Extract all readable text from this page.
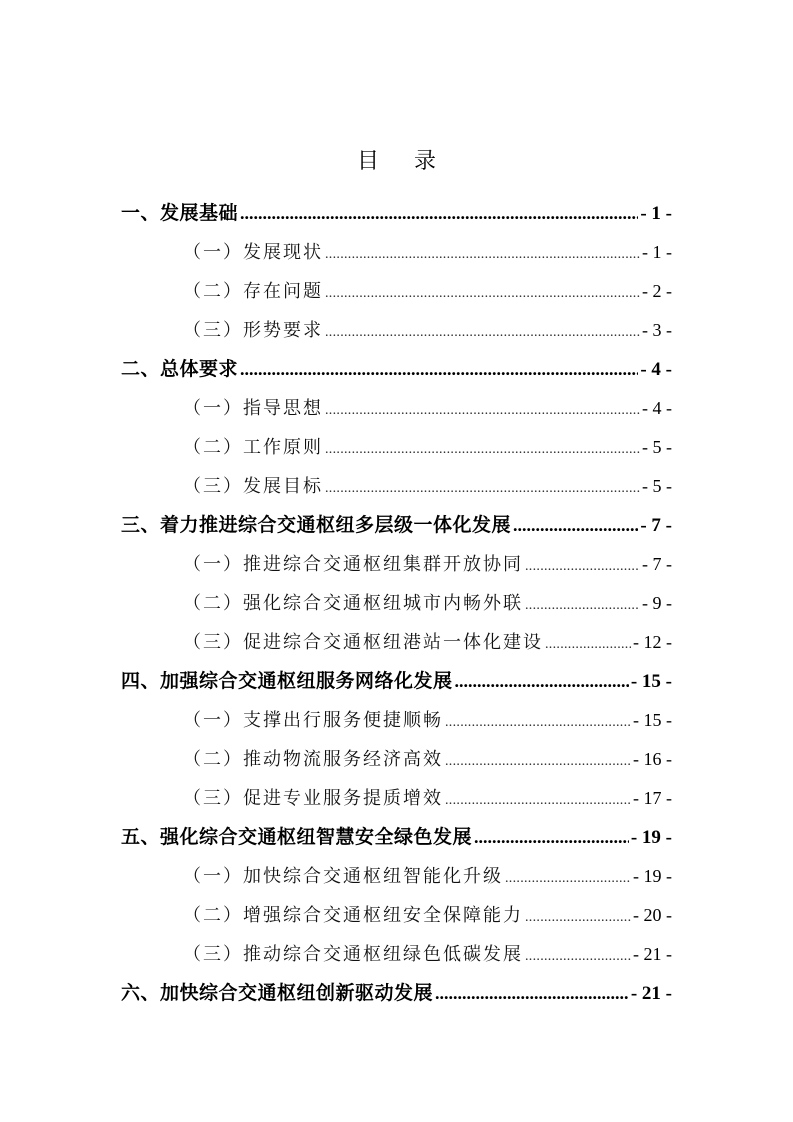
目 录
一、发展基础 .....	- 1 -
（一）发展现状 .....	- 1 -
（二）存在问题 .....	- 2 -
（三）形势要求 .....	- 3 -
二、总体要求 .....	- 4 -
（一）指导思想 .....	- 4 -
（二）工作原则 .....	- 5 -
（三）发展目标 .....	- 5 -
三、着力推进综合交通枢纽多层级一体化发展 .....	- 7 -
（一）推进综合交通枢纽集群开放协同 .....	- 7 -
（二）强化综合交通枢纽城市内畅外联 .....	- 9 -
（三）促进综合交通枢纽港站一体化建设 .....	- 12 -
四、加强综合交通枢纽服务网络化发展 .....	- 15 -
（一）支撑出行服务便捷顺畅 .....	- 15 -
（二）推动物流服务经济高效 .....	- 16 -
（三）促进专业服务提质增效 .....	- 17 -
五、强化综合交通枢纽智慧安全绿色发展 .....	- 19 -
（一）加快综合交通枢纽智能化升级 .....	- 19 -
（二）增强综合交通枢纽安全保障能力 .....	- 20 -
（三）推动综合交通枢纽绿色低碳发展 .....	- 21 -
六、加快综合交通枢纽创新驱动发展 .....	- 21 -
